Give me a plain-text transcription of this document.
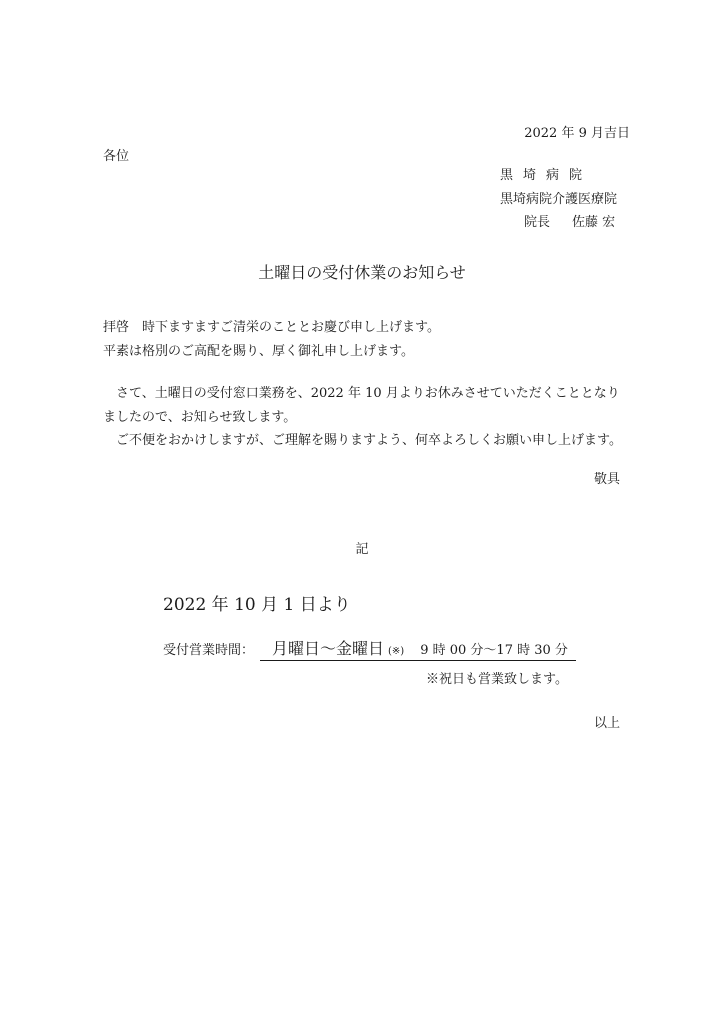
2022 年 9 月吉日
各位
黒埼病院
黒埼病院介護医療院
院長 佐藤 宏
土曜日の受付休業のお知らせ
拝啓　時下ますますご清栄のこととお慶び申し上げます。
平素は格別のご高配を賜り、厚く御礼申し上げます。
　さて、土曜日の受付窓口業務を、2022 年 10 月よりお休みさせていただくこととなり
ましたので、お知らせ致します。
　ご不便をおかけしますが、ご理解を賜りますよう、何卒よろしくお願い申し上げます。
敬具
記
2022 年 10 月 1 日より
受付営業時間： 月曜日～金曜日 (※) 9 時 00 分～17 時 30 分
※祝日も営業致します。
以上
